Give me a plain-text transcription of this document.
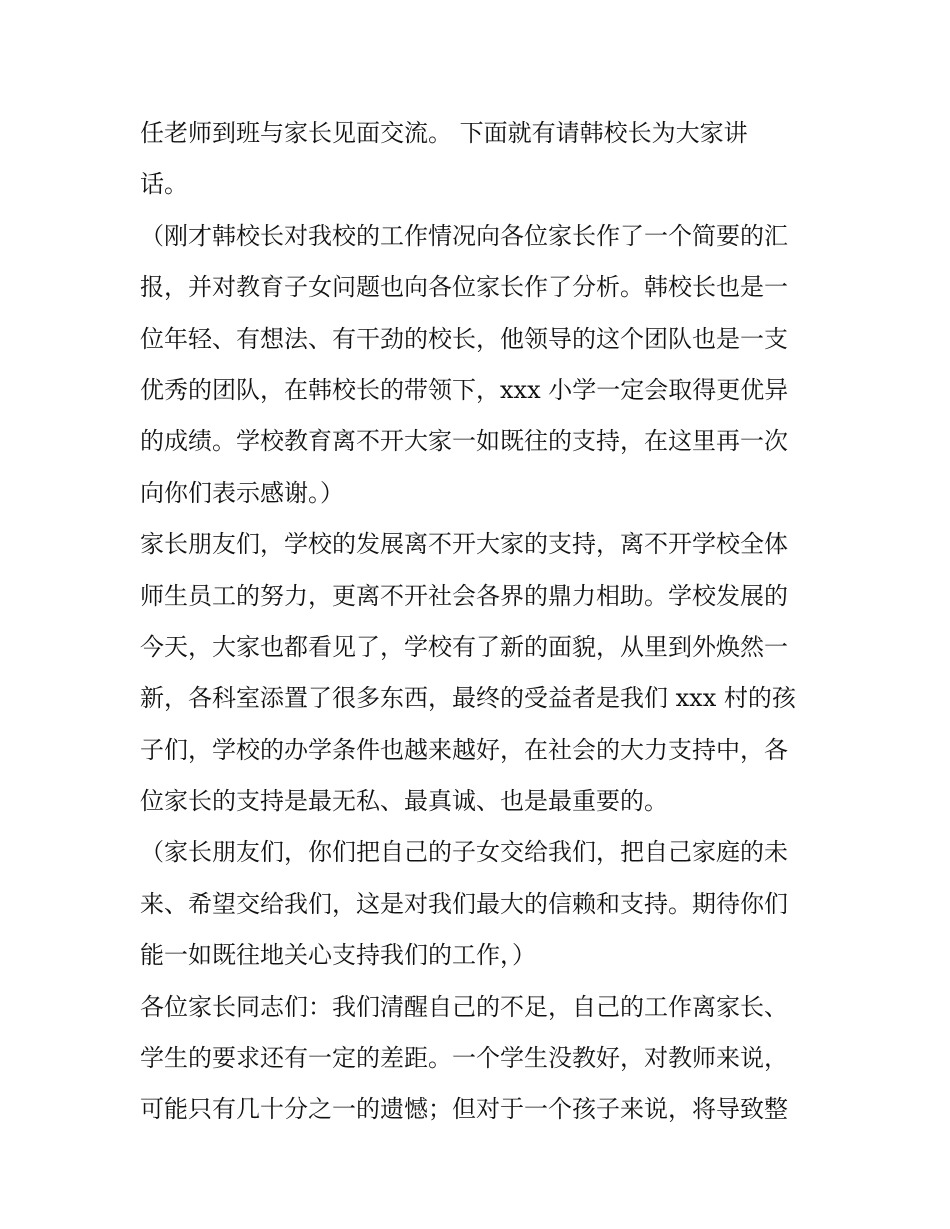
任老师到班与家长见面交流。 下面就有请韩校长为大家讲
话。
（刚才韩校长对我校的工作情况向各位家长作了一个简要的汇
报，并对教育子女问题也向各位家长作了分析。韩校长也是一
位年轻、有想法、有干劲的校长，他领导的这个团队也是一支
优秀的团队，在韩校长的带领下，xxx 小学一定会取得更优异
的成绩。学校教育离不开大家一如既往的支持，在这里再一次
向你们表示感谢。）
家长朋友们，学校的发展离不开大家的支持，离不开学校全体
师生员工的努力，更离不开社会各界的鼎力相助。学校发展的
今天，大家也都看见了，学校有了新的面貌，从里到外焕然一
新，各科室添置了很多东西，最终的受益者是我们 xxx 村的孩
子们，学校的办学条件也越来越好，在社会的大力支持中，各
位家长的支持是最无私、最真诚、也是最重要的。
（家长朋友们，你们把自己的子女交给我们，把自己家庭的未
来、希望交给我们，这是对我们最大的信赖和支持。期待你们
能一如既往地关心支持我们的工作，）
各位家长同志们：我们清醒自己的不足，自己的工作离家长、
学生的要求还有一定的差距。一个学生没教好，对教师来说，
可能只有几十分之一的遗憾；但对于一个孩子来说，将导致整
